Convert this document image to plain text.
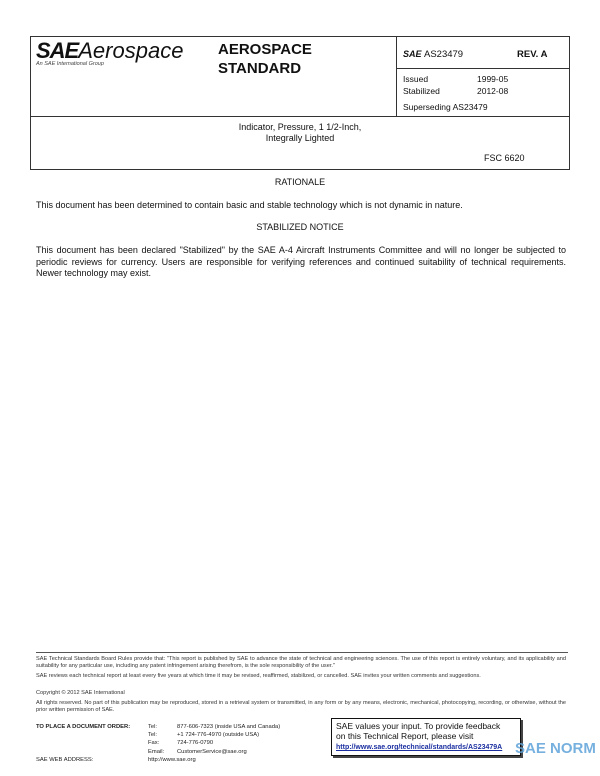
SAEAerospace
An SAE International Group
AEROSPACE
STANDARD
SAE AS23479	REV. A
Issued	1999-05
Stabilized	2012-08
Superseding AS23479
Indicator, Pressure, 1 1/2-Inch,
Integrally Lighted
FSC 6620
RATIONALE
This document has been determined to contain basic and stable technology which is not dynamic in nature.
STABILIZED NOTICE
This document has been declared "Stabilized" by the SAE A-4 Aircraft Instruments Committee and will no longer be subjected to periodic reviews for currency. Users are responsible for verifying references and continued suitability of technical requirements. Newer technology may exist.
SAE Technical Standards Board Rules provide that: "This report is published by SAE to advance the state of technical and engineering sciences. The use of this report is entirely voluntary, and its applicability and suitability for any particular use, including any patent infringement arising therefrom, is the sole responsibility of the user."
SAE reviews each technical report at least every five years at which time it may be revised, reaffirmed, stabilized, or cancelled. SAE invites your written comments and suggestions.
Copyright © 2012 SAE International
All rights reserved. No part of this publication may be reproduced, stored in a retrieval system or transmitted, in any form or by any means, electronic, mechanical, photocopying, recording, or otherwise, without the prior written permission of SAE.
TO PLACE A DOCUMENT ORDER:	Tel:	877-606-7323 (inside USA and Canada)
Tel:	+1 724-776-4970 (outside USA)
Fax:	724-776-0790
Email: CustomerService@sae.org
SAE WEB ADDRESS:	http://www.sae.org
SAE values your input. To provide feedback
on this Technical Report, please visit
http://www.sae.org/technical/standards/AS23479A SAE NORM
